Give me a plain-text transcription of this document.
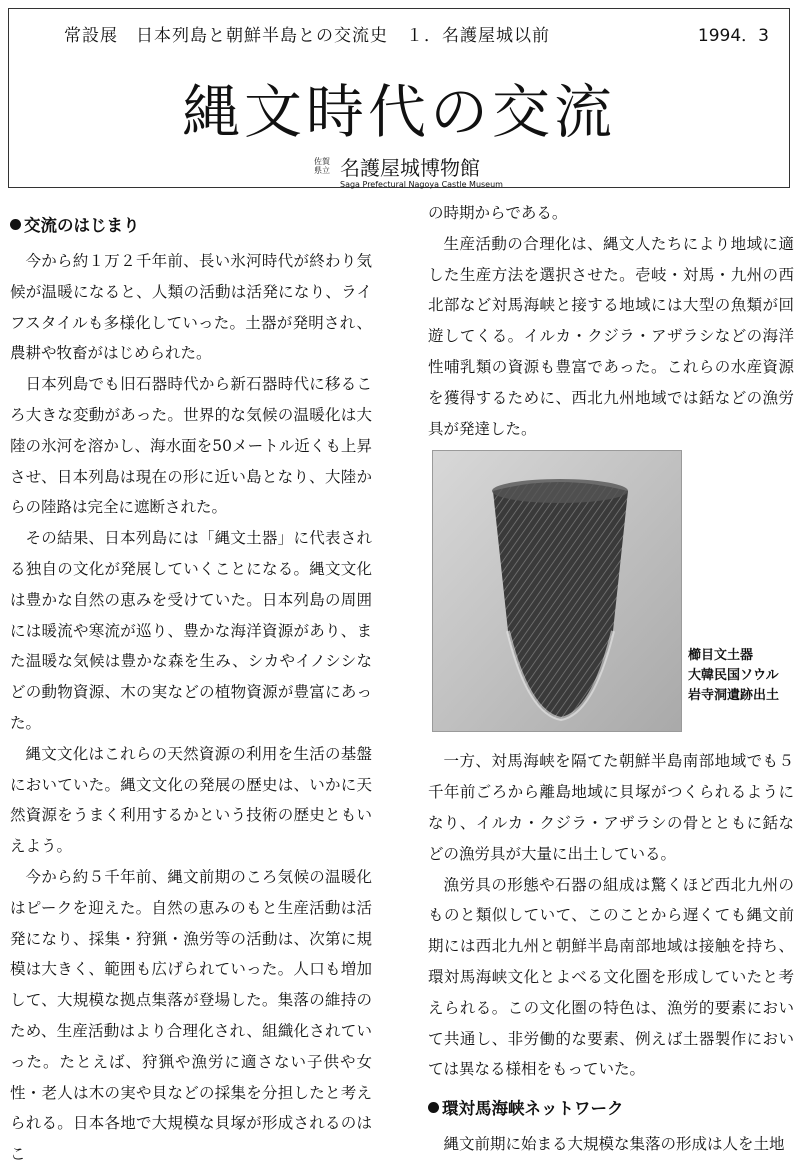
常設展　日本列島と朝鮮半島との交流史　１．名護屋城以前	1994．3
縄文時代の交流
佐賀県立 名護屋城博物館
Saga Prefectural Nagoya Castle Museum
交流のはじまり

今から約１万２千年前、長い氷河時代が終わり気候が温暖になると、人類の活動は活発になり、ライフスタイルも多様化していった。土器が発明され、農耕や牧畜がはじめられた。

日本列島でも旧石器時代から新石器時代に移るころ大きな変動があった。世界的な気候の温暖化は大陸の氷河を溶かし、海水面を50メートル近くも上昇させ、日本列島は現在の形に近い島となり、大陸からの陸路は完全に遮断された。

その結果、日本列島には「縄文土器」に代表される独自の文化が発展していくことになる。縄文文化は豊かな自然の恵みを受けていた。日本列島の周囲には暖流や寒流が巡り、豊かな海洋資源があり、また温暖な気候は豊かな森を生み、シカやイノシシなどの動物資源、木の実などの植物資源が豊富にあった。

縄文文化はこれらの天然資源の利用を生活の基盤においていた。縄文文化の発展の歴史は、いかに天然資源をうまく利用するかという技術の歴史ともいえよう。

今から約５千年前、縄文前期のころ気候の温暖化はピークを迎えた。自然の恵みのもと生産活動は活発になり、採集・狩猟・漁労等の活動は、次第に規模は大きく、範囲も広げられていった。人口も増加して、大規模な拠点集落が登場した。集落の維持のため、生産活動はより合理化され、組織化されていった。たとえば、狩猟や漁労に適さない子供や女性・老人は木の実や貝などの採集を分担したと考えられる。日本各地で大規模な貝塚が形成されるのはこ

の時期からである。

生産活動の合理化は、縄文人たちにより地域に適した生産方法を選択させた。壱岐・対馬・九州の西北部など対馬海峡と接する地域には大型の魚類が回遊してくる。イルカ・クジラ・アザラシなどの海洋性哺乳類の資源も豊富であった。これらの水産資源を獲得するために、西北九州地域では銛などの漁労具が発達した。

櫛目文土器
大韓民国ソウル
岩寺洞遺跡出土

一方、対馬海峡を隔てた朝鮮半島南部地域でも５千年前ごろから離島地域に貝塚がつくられるようになり、イルカ・クジラ・アザラシの骨とともに銛などの漁労具が大量に出土している。

漁労具の形態や石器の組成は驚くほど西北九州のものと類似していて、このことから遅くても縄文前期には西北九州と朝鮮半島南部地域は接触を持ち、環対馬海峡文化とよべる文化圏を形成していたと考えられる。この文化圏の特色は、漁労的要素において共通し、非労働的な要素、例えば土器製作においては異なる様相をもっていた。

環対馬海峡ネットワーク

縄文前期に始まる大規模な集落の形成は人を土地
